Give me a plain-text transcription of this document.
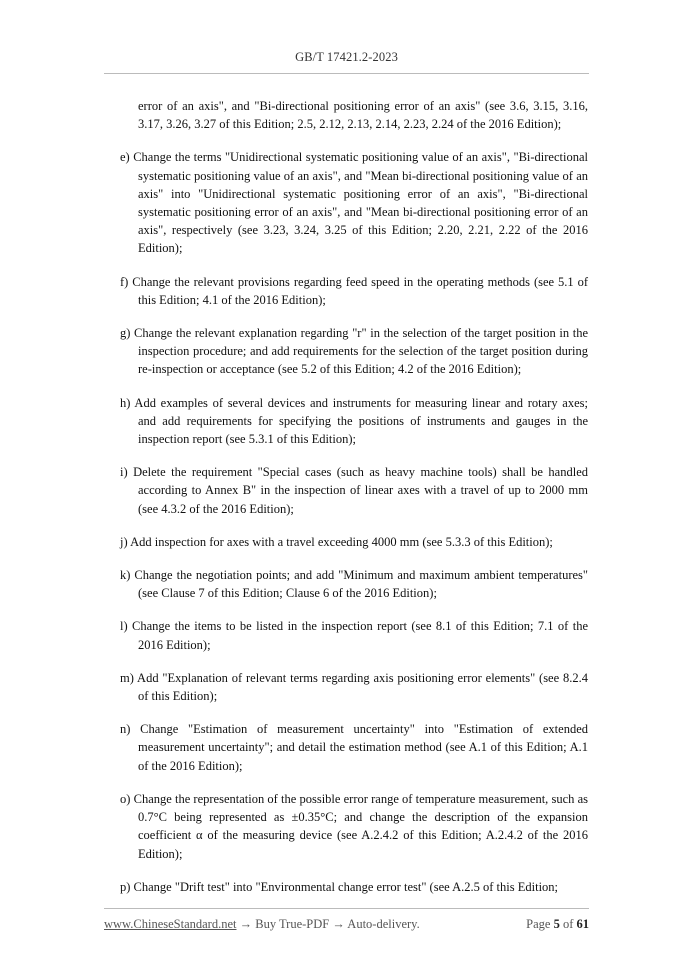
GB/T 17421.2-2023

error of an axis", and "Bi-directional positioning error of an axis" (see 3.6, 3.15, 3.16, 3.17, 3.26, 3.27 of this Edition; 2.5, 2.12, 2.13, 2.14, 2.23, 2.24 of the 2016 Edition);

e) Change the terms "Unidirectional systematic positioning value of an axis", "Bi-directional systematic positioning value of an axis", and "Mean bi-directional positioning value of an axis" into "Unidirectional systematic positioning error of an axis", "Bi-directional systematic positioning error of an axis", and "Mean bi-directional positioning error of an axis", respectively (see 3.23, 3.24, 3.25 of this Edition; 2.20, 2.21, 2.22 of the 2016 Edition);

f) Change the relevant provisions regarding feed speed in the operating methods (see 5.1 of this Edition; 4.1 of the 2016 Edition);

g) Change the relevant explanation regarding "r" in the selection of the target position in the inspection procedure; and add requirements for the selection of the target position during re-inspection or acceptance (see 5.2 of this Edition; 4.2 of the 2016 Edition);

h) Add examples of several devices and instruments for measuring linear and rotary axes; and add requirements for specifying the positions of instruments and gauges in the inspection report (see 5.3.1 of this Edition);

i) Delete the requirement "Special cases (such as heavy machine tools) shall be handled according to Annex B" in the inspection of linear axes with a travel of up to 2000 mm (see 4.3.2 of the 2016 Edition);

j) Add inspection for axes with a travel exceeding 4000 mm (see 5.3.3 of this Edition);

k) Change the negotiation points; and add "Minimum and maximum ambient temperatures" (see Clause 7 of this Edition; Clause 6 of the 2016 Edition);

l) Change the items to be listed in the inspection report (see 8.1 of this Edition; 7.1 of the 2016 Edition);

m) Add "Explanation of relevant terms regarding axis positioning error elements" (see 8.2.4 of this Edition);

n) Change "Estimation of measurement uncertainty" into "Estimation of extended measurement uncertainty"; and detail the estimation method (see A.1 of this Edition; A.1 of the 2016 Edition);

o) Change the representation of the possible error range of temperature measurement, such as 0.7°C being represented as ±0.35°C; and change the description of the expansion coefficient α of the measuring device (see A.2.4.2 of this Edition; A.2.4.2 of the 2016 Edition);

p) Change "Drift test" into "Environmental change error test" (see A.2.5 of this Edition;

www.ChineseStandard.net → Buy True-PDF → Auto-delivery.	Page 5 of 61
